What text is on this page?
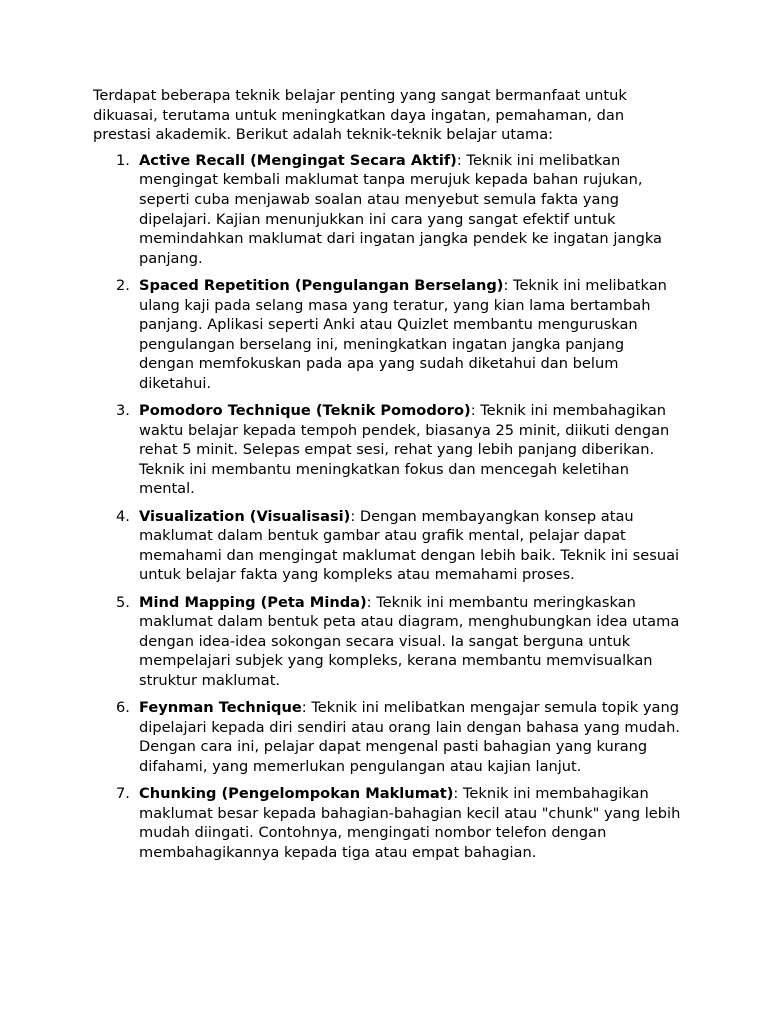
Terdapat beberapa teknik belajar penting yang sangat bermanfaat untuk dikuasai, terutama untuk meningkatkan daya ingatan, pemahaman, dan prestasi akademik. Berikut adalah teknik-teknik belajar utama:

1. Active Recall (Mengingat Secara Aktif): Teknik ini melibatkan mengingat kembali maklumat tanpa merujuk kepada bahan rujukan, seperti cuba menjawab soalan atau menyebut semula fakta yang dipelajari. Kajian menunjukkan ini cara yang sangat efektif untuk memindahkan maklumat dari ingatan jangka pendek ke ingatan jangka panjang.
2. Spaced Repetition (Pengulangan Berselang): Teknik ini melibatkan ulang kaji pada selang masa yang teratur, yang kian lama bertambah panjang. Aplikasi seperti Anki atau Quizlet membantu menguruskan pengulangan berselang ini, meningkatkan ingatan jangka panjang dengan memfokuskan pada apa yang sudah diketahui dan belum diketahui.
3. Pomodoro Technique (Teknik Pomodoro): Teknik ini membahagikan waktu belajar kepada tempoh pendek, biasanya 25 minit, diikuti dengan rehat 5 minit. Selepas empat sesi, rehat yang lebih panjang diberikan. Teknik ini membantu meningkatkan fokus dan mencegah keletihan mental.
4. Visualization (Visualisasi): Dengan membayangkan konsep atau maklumat dalam bentuk gambar atau grafik mental, pelajar dapat memahami dan mengingat maklumat dengan lebih baik. Teknik ini sesuai untuk belajar fakta yang kompleks atau memahami proses.
5. Mind Mapping (Peta Minda): Teknik ini membantu meringkaskan maklumat dalam bentuk peta atau diagram, menghubungkan idea utama dengan idea-idea sokongan secara visual. Ia sangat berguna untuk mempelajari subjek yang kompleks, kerana membantu memvisualkan struktur maklumat.
6. Feynman Technique: Teknik ini melibatkan mengajar semula topik yang dipelajari kepada diri sendiri atau orang lain dengan bahasa yang mudah. Dengan cara ini, pelajar dapat mengenal pasti bahagian yang kurang difahami, yang memerlukan pengulangan atau kajian lanjut.
7. Chunking (Pengelompokan Maklumat): Teknik ini membahagikan maklumat besar kepada bahagian-bahagian kecil atau "chunk" yang lebih mudah diingati. Contohnya, mengingati nombor telefon dengan membahagikannya kepada tiga atau empat bahagian.
